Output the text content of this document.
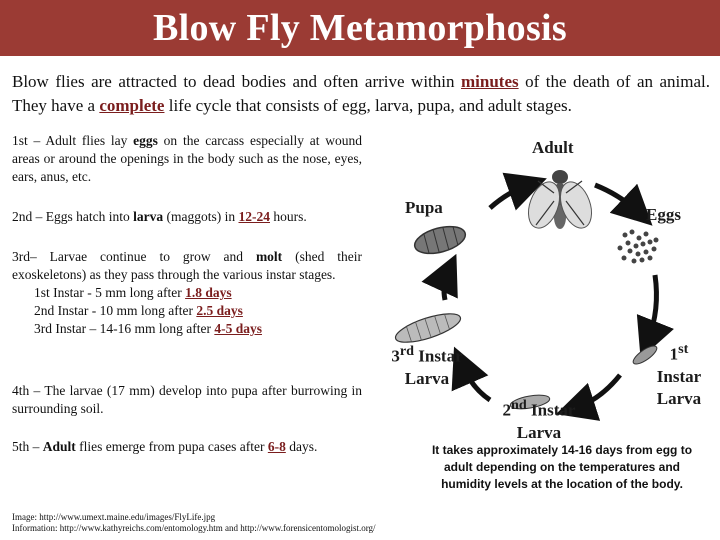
Blow Fly Metamorphosis
Blow flies are attracted to dead bodies and often arrive within minutes of the death of an animal. They have a complete life cycle that consists of egg, larva, pupa, and adult stages.
1st – Adult flies lay eggs on the carcass especially at wound areas or around the openings in the body such as the nose, eyes, ears, anus, etc.
2nd – Eggs hatch into larva (maggots) in 12-24 hours.
3rd– Larvae continue to grow and molt (shed their exoskeletons) as they pass through the various instar stages.
1st Instar - 5 mm long after 1.8 days
2nd Instar - 10 mm long after 2.5 days
3rd Instar – 14-16 mm long after 4-5 days
4th – The larvae (17 mm) develop into pupa after burrowing in surrounding soil.
5th – Adult flies emerge from pupa cases after 6-8 days.
Adult
Pupa	Eggs
3rd Instar
Larva
2nd Instar
Larva
1st
Instar
Larva
It takes approximately 14-16 days from egg to adult depending on the temperatures and humidity levels at the location of the body.
Image: http://www.umext.maine.edu/images/FlyLife.jpg
Information: http://www.kathyreichs.com/entomology.htm and http://www.forensicentomologist.org/
